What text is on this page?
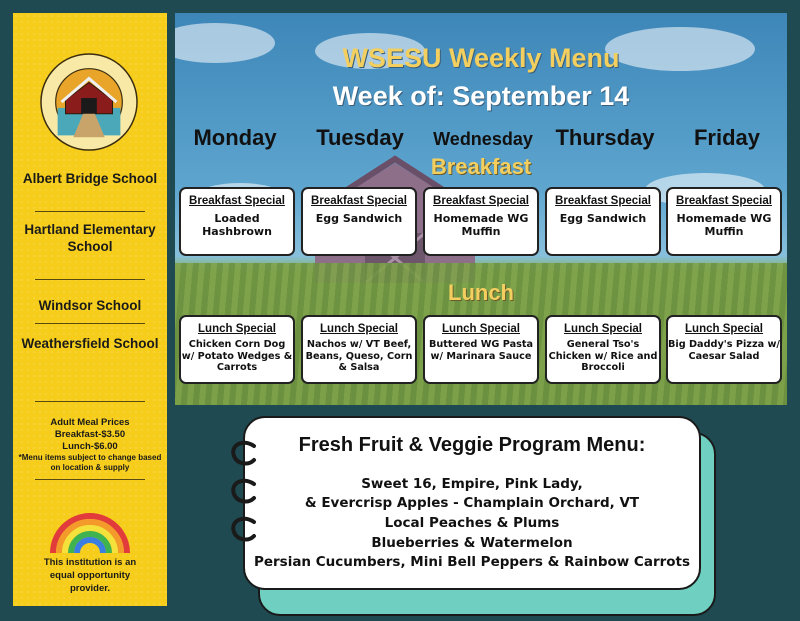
Albert Bridge School
Hartland Elementary School
Windsor School
Weathersfield School
Adult Meal Prices
Breakfast-$3.50
Lunch-$6.00
*Menu items subject to change based on location & supply
This institution is an equal opportunity provider.
WSESU Weekly Menu
Week of: September 14
Monday	Tuesday	Wednesday	Thursday	Friday
Breakfast
Breakfast Special
Loaded Hashbrown
Breakfast Special
Egg Sandwich
Breakfast Special
Homemade WG Muffin
Breakfast Special
Egg Sandwich
Breakfast Special
Homemade WG Muffin
Lunch
Lunch Special
Chicken Corn Dog w/ Potato Wedges & Carrots
Lunch Special
Nachos w/ VT Beef, Beans, Queso, Corn & Salsa
Lunch Special
Buttered WG Pasta w/ Marinara Sauce
Lunch Special
General Tso's Chicken w/ Rice and Broccoli
Lunch Special
Big Daddy's Pizza w/ Caesar Salad
Fresh Fruit & Veggie Program Menu:
Sweet 16, Empire, Pink Lady,
& Evercrisp Apples - Champlain Orchard, VT
Local Peaches & Plums
Blueberries & Watermelon
Persian Cucumbers, Mini Bell Peppers & Rainbow Carrots
